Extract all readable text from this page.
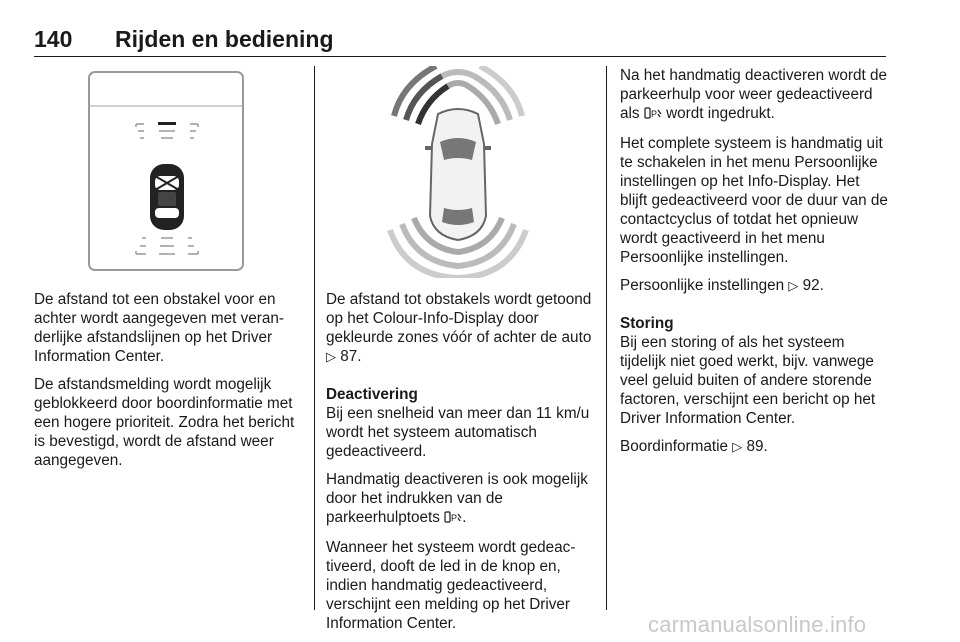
140 Rijden en bediening

De afstand tot een obstakel voor en achter wordt aangegeven met veranderlijke afstandslijnen op het Driver Information Center.

De afstandsmelding wordt mogelijk geblokkeerd door boordinformatie met een hogere prioriteit. Zodra het bericht is bevestigd, wordt de afstand weer aangegeven.

De afstand tot obstakels wordt getoond op het Colour-Info-Display door gekleurde zones vóór of achter de auto ▷ 87.

Deactivering

Bij een snelheid van meer dan 11 km/u wordt het systeem automatisch gedeactiveerd.

Handmatig deactiveren is ook mogelijk door het indrukken van de parkeerhulptoets P .

Wanneer het systeem wordt gedeactiveerd, dooft de led in de knop en, indien handmatig gedeactiveerd, verschijnt een melding op het Driver Information Center.

Na het handmatig deactiveren wordt de parkeerhulp voor weer gedeactiveerd als P wordt ingedrukt.

Het complete systeem is handmatig uit te schakelen in het menu Persoonlijke instellingen op het Info-Display. Het blijft gedeactiveerd voor de duur van de contactcyclus of totdat het opnieuw wordt geactiveerd in het menu Persoonlijke instellingen.

Persoonlijke instellingen ▷ 92.

Storing

Bij een storing of als het systeem tijdelijk niet goed werkt, bijv. vanwege veel geluid buiten of andere storende factoren, verschijnt een bericht op het Driver Information Center.

Boordinformatie ▷ 89.

carmanualsonline.info
